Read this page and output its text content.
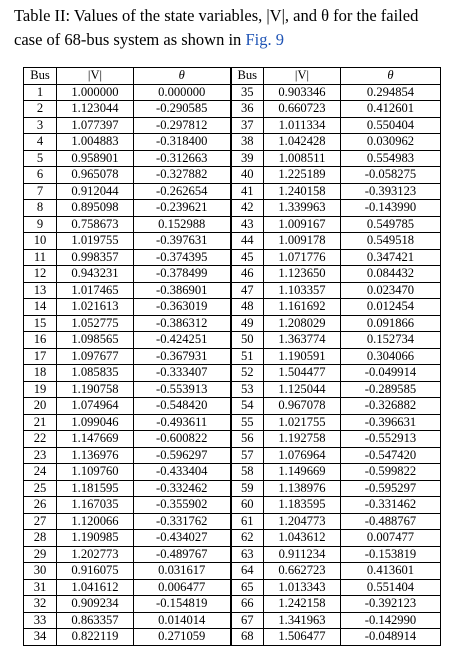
Table II: Values of the state variables, |V|, and θ for the failed case of 68-bus system as shown in Fig. 9
Bus	|V|	θ	Bus	|V|	θ
1	1.000000	0.000000	35	0.903346	0.294854
2	1.123044	-0.290585	36	0.660723	0.412601
3	1.077397	-0.297812	37	1.011334	0.550404
4	1.004883	-0.318400	38	1.042428	0.030962
5	0.958901	-0.312663	39	1.008511	0.554983
6	0.965078	-0.327882	40	1.225189	-0.058275
7	0.912044	-0.262654	41	1.240158	-0.393123
8	0.895098	-0.239621	42	1.339963	-0.143990
9	0.758673	0.152988	43	1.009167	0.549785
10	1.019755	-0.397631	44	1.009178	0.549518
11	0.998357	-0.374395	45	1.071776	0.347421
12	0.943231	-0.378499	46	1.123650	0.084432
13	1.017465	-0.386901	47	1.103357	0.023470
14	1.021613	-0.363019	48	1.161692	0.012454
15	1.052775	-0.386312	49	1.208029	0.091866
16	1.098565	-0.424251	50	1.363774	0.152734
17	1.097677	-0.367931	51	1.190591	0.304066
18	1.085835	-0.333407	52	1.504477	-0.049914
19	1.190758	-0.553913	53	1.125044	-0.289585
20	1.074964	-0.548420	54	0.967078	-0.326882
21	1.099046	-0.493611	55	1.021755	-0.396631
22	1.147669	-0.600822	56	1.192758	-0.552913
23	1.136976	-0.596297	57	1.076964	-0.547420
24	1.109760	-0.433404	58	1.149669	-0.599822
25	1.181595	-0.332462	59	1.138976	-0.595297
26	1.167035	-0.355902	60	1.183595	-0.331462
27	1.120066	-0.331762	61	1.204773	-0.488767
28	1.190985	-0.434027	62	1.043612	0.007477
29	1.202773	-0.489767	63	0.911234	-0.153819
30	0.916075	0.031617	64	0.662723	0.413601
31	1.041612	0.006477	65	1.013343	0.551404
32	0.909234	-0.154819	66	1.242158	-0.392123
33	0.863357	0.014014	67	1.341963	-0.142990
34	0.822119	0.271059	68	1.506477	-0.048914
